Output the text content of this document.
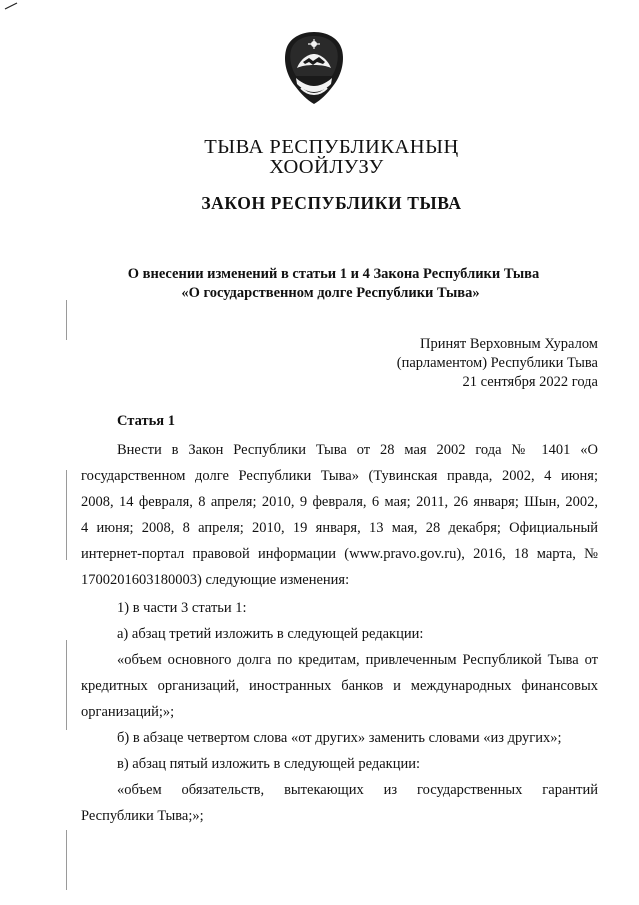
ТЫВА РЕСПУБЛИКАНЫҢ
ХООЙЛУЗУ
ЗАКОН РЕСПУБЛИКИ ТЫВА
О внесении изменений в статьи 1 и 4 Закона Республики Тыва
«О государственном долге Республики Тыва»
Принят Верховным Хуралом
(парламентом) Республики Тыва
21 сентября 2022 года
Статья 1
Внести в Закон Республики Тыва от 28 мая 2002 года № 1401 «О
государственном долге Республики Тыва» (Тувинская правда, 2002, 4 июня;
2008, 14 февраля, 8 апреля; 2010, 9 февраля, 6 мая; 2011, 26 января; Шын, 2002,
4 июня; 2008, 8 апреля; 2010, 19 января, 13 мая, 28 декабря; Официальный
интернет-портал правовой информации (www.pravo.gov.ru), 2016, 18 марта, №
1700201603180003) следующие изменения:
1) в части 3 статьи 1:
а) абзац третий изложить в следующей редакции:
«объем основного долга по кредитам, привлеченным Республикой Тыва от
кредитных организаций, иностранных банков и международных финансовых
организаций;»;
б) в абзаце четвертом слова «от других» заменить словами «из других»;
в) абзац пятый изложить в следующей редакции:
«объем обязательств, вытекающих из государственных гарантий
Республики Тыва;»;
